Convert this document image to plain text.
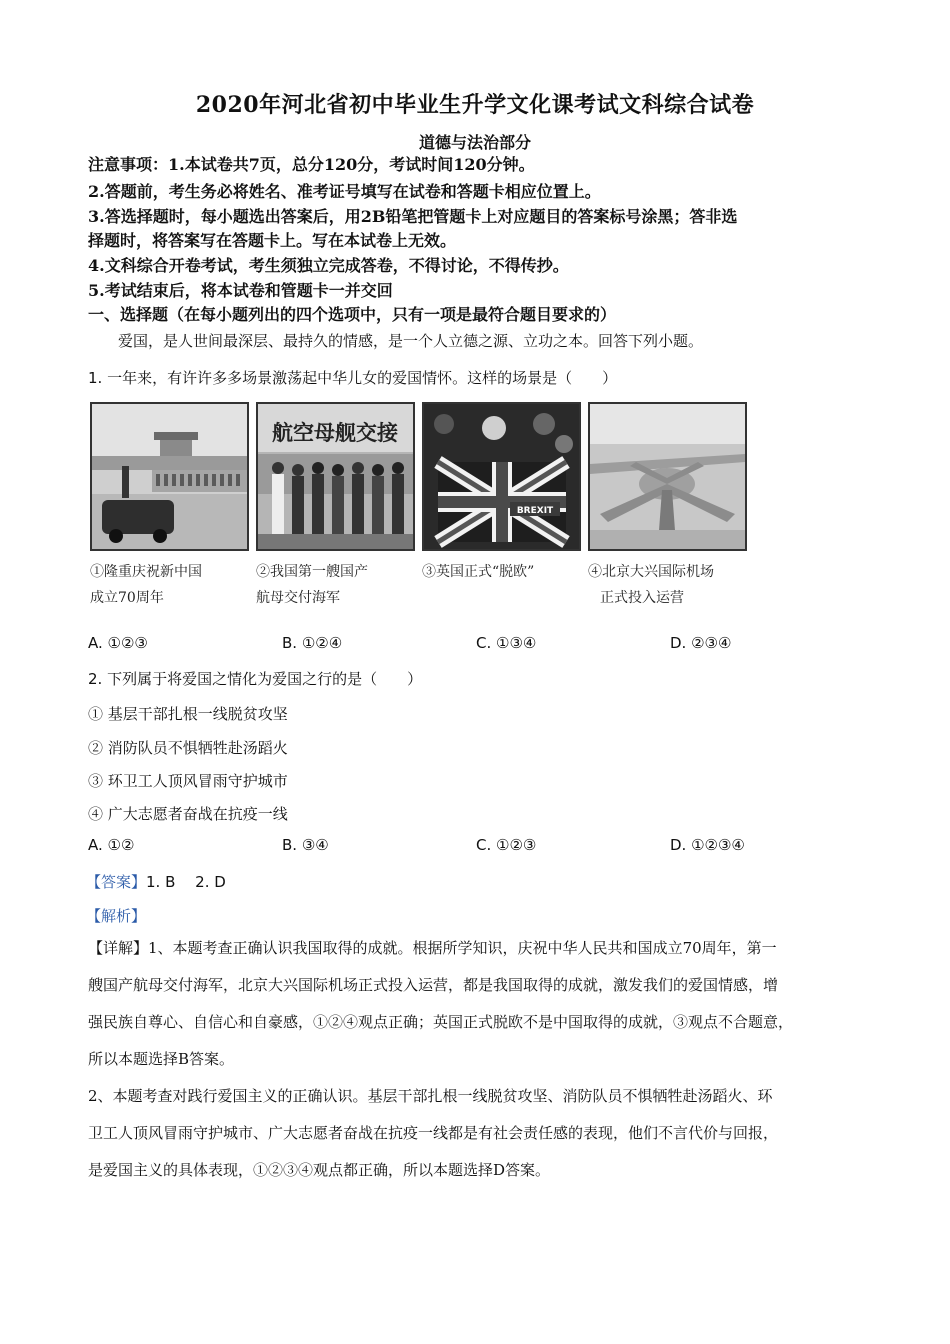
2020年河北省初中毕业生升学文化课考试文科综合试卷
道德与法治部分
注意事项：1.本试卷共7页，总分120分，考试时间120分钟。
2.答题前，考生务必将姓名、准考证号填写在试卷和答题卡相应位置上。
3.答选择题时，每小题选出答案后，用2B铅笔把管题卡上对应题目的答案标号涂黑；答非选
择题时，将答案写在答题卡上。写在本试卷上无效。
4.文科综合开卷考试，考生须独立完成答卷，不得讨论，不得传抄。
5.考试结束后，将本试卷和管题卡一并交回
一、选择题（在每小题列出的四个选项中，只有一项是最符合题目要求的）
爱国，是人世间最深层、最持久的情感，是一个人立德之源、立功之本。回答下列小题。
1. 一年来，有许许多多场景激荡起中华儿女的爱国情怀。这样的场景是（　　）
①隆重庆祝新中国
成立70周年
航空母舰交接
②我国第一艘国产
航母交付海军
BREXIT
③英国正式“脱欧”	④北京大兴国际机场
正式投入运营
A. ①②③	B. ①②④	C. ①③④	D. ②③④
2. 下列属于将爱国之情化为爱国之行的是（　　）
① 基层干部扎根一线脱贫攻坚
② 消防队员不惧牺牲赴汤蹈火
③ 环卫工人顶风冒雨守护城市
④ 广大志愿者奋战在抗疫一线
A. ①②	B. ③④	C. ①②③	D. ①②③④
【答案】1. B　 2. D
【解析】
【详解】1、本题考查正确认识我国取得的成就。根据所学知识，庆祝中华人民共和国成立70周年，第一
艘国产航母交付海军，北京大兴国际机场正式投入运营，都是我国取得的成就，激发我们的爱国情感，增
强民族自尊心、自信心和自豪感，①②④观点正确；英国正式脱欧不是中国取得的成就，③观点不合题意，
所以本题选择B答案。
2、本题考查对践行爱国主义的正确认识。基层干部扎根一线脱贫攻坚、消防队员不惧牺牲赴汤蹈火、环
卫工人顶风冒雨守护城市、广大志愿者奋战在抗疫一线都是有社会责任感的表现，他们不言代价与回报，
是爱国主义的具体表现，①②③④观点都正确，所以本题选择D答案。
